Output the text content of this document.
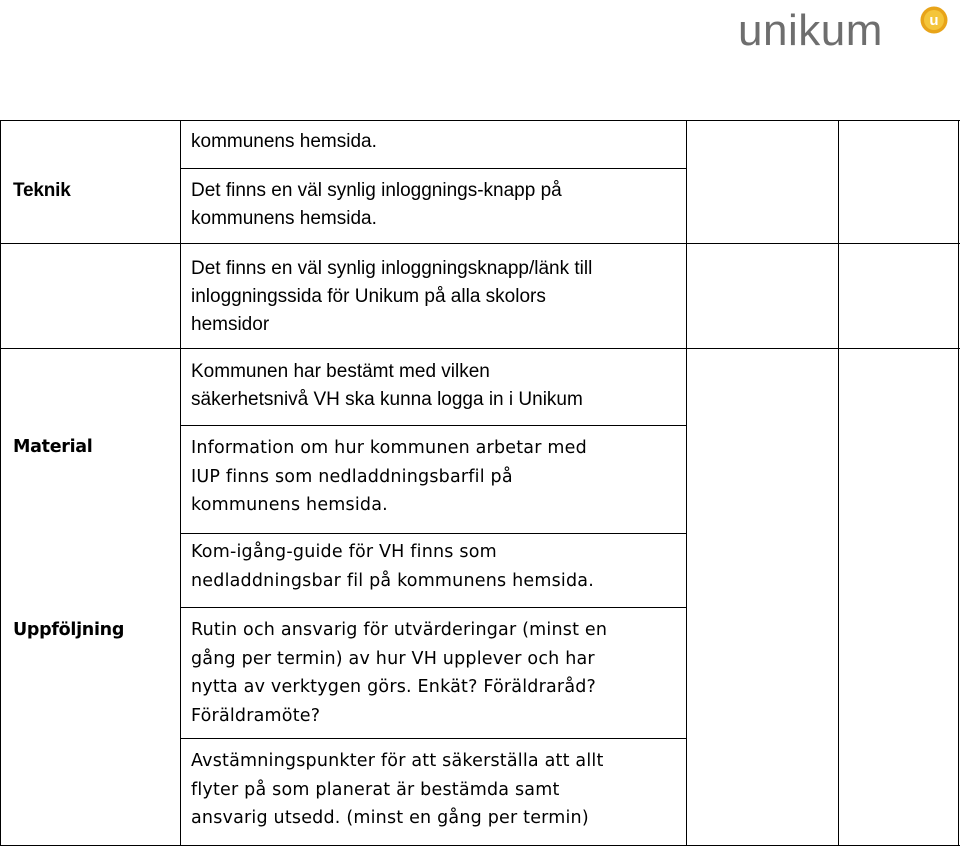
unikum	u
Teknik
Material
Uppföljning
kommunens hemsida.
Det finns en väl synlig inloggnings-knapp på
kommunens hemsida.
Det finns en väl synlig inloggningsknapp/länk till
inloggningssida för Unikum på alla skolors
hemsidor
Kommunen har bestämt med vilken
säkerhetsnivå VH ska kunna logga in i Unikum
Information om hur kommunen arbetar med
IUP finns som nedladdningsbarfil på
kommunens hemsida.
Kom-igång-guide för VH finns som
nedladdningsbar fil på kommunens hemsida.
Rutin och ansvarig för utvärderingar (minst en
gång per termin) av hur VH upplever och har
nytta av verktygen görs. Enkät? Föräldraråd?
Föräldramöte?
Avstämningspunkter för att säkerställa att allt
flyter på som planerat är bestämda samt
ansvarig utsedd. (minst en gång per termin)
